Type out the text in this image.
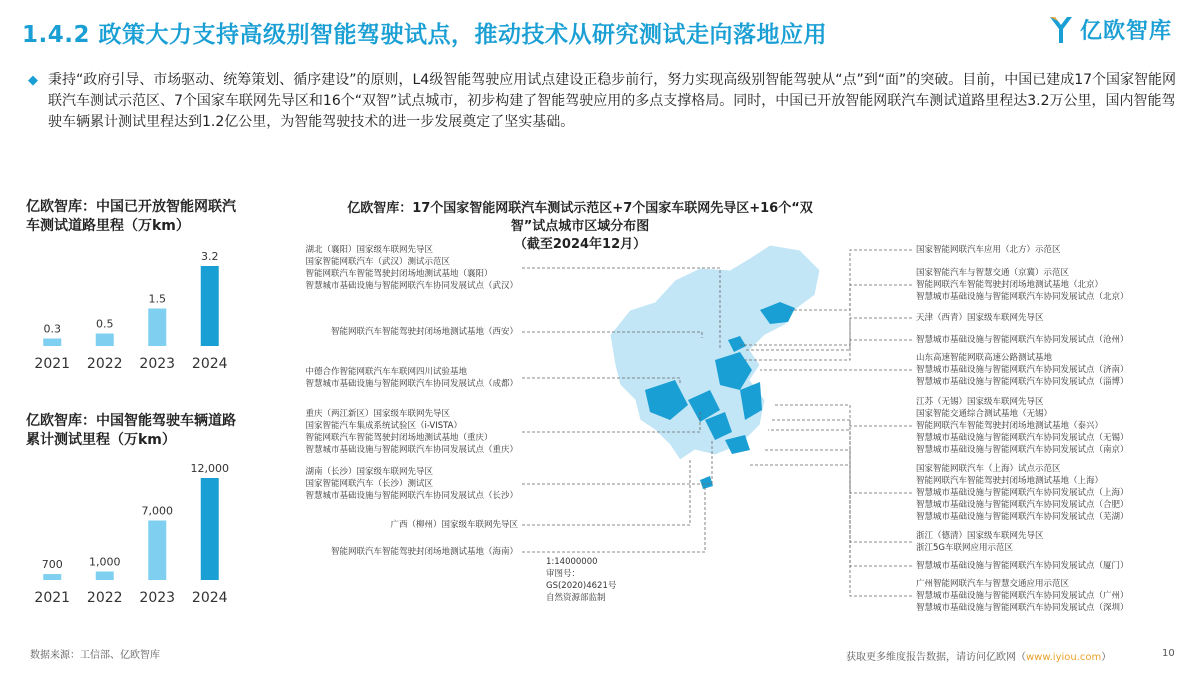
1.4.2 政策大力支持高级别智能驾驶试点，推动技术从研究测试走向落地应用	亿欧智库
◆ 秉持“政府引导、市场驱动、统筹策划、循序建设”的原则，L4级智能驾驶应用试点建设正稳步前行，努力实现高级别智能驾驶从“点”到“面”的突破。目前，中国已建成17个国家智能网联汽车测试示范区、7个国家车联网先导区和16个“双智”试点城市，初步构建了智能驾驶应用的多点支撑格局。同时，中国已开放智能网联汽车测试道路里程达3.2万公里，国内智能驾驶车辆累计测试里程达到1.2亿公里，为智能驾驶技术的进一步发展奠定了坚实基础。
亿欧智库：中国已开放智能网联汽车测试道路里程（万km）
0.3
2021
0.5
2022
1.5
2023
3.2
2024
亿欧智库：中国智能驾驶车辆道路累计测试里程（万km）
700
2021
1,000
2022
7,000
2023
12,000
2024
亿欧智库：17个国家智能网联汽车测试示范区+7个国家车联网先导区+16个“双智”试点城市区域分布图
（截至2024年12月）
湖北（襄阳）国家级车联网先导区
国家智能网联汽车（武汉）测试示范区
智能网联汽车智能驾驶封闭场地测试基地（襄阳）
智慧城市基础设施与智能网联汽车协同发展试点（武汉）
智能网联汽车智能驾驶封闭场地测试基地（西安）
中德合作智能网联汽车车联网四川试验基地
智慧城市基础设施与智能网联汽车协同发展试点（成都）
重庆（两江新区）国家级车联网先导区
国家智能汽车集成系统试验区（i-VISTA）
智能网联汽车智能驾驶封闭场地测试基地（重庆）
智慧城市基础设施与智能网联汽车协同发展试点（重庆）
湖南（长沙）国家级车联网先导区
国家智能网联汽车（长沙）测试区
智慧城市基础设施与智能网联汽车协同发展试点（长沙）
广西（柳州）国家级车联网先导区
智能网联汽车智能驾驶封闭场地测试基地（海南）
国家智能网联汽车应用（北方）示范区
国家智能汽车与智慧交通（京冀）示范区
智能网联汽车智能驾驶封闭场地测试基地（北京）
智慧城市基础设施与智能网联汽车协同发展试点（北京）
天津（西青）国家级车联网先导区
智慧城市基础设施与智能网联汽车协同发展试点（沧州）
山东高速智能网联高速公路测试基地
智慧城市基础设施与智能网联汽车协同发展试点（济南）
智慧城市基础设施与智能网联汽车协同发展试点（淄博）
江苏（无锡）国家级车联网先导区
国家智能交通综合测试基地（无锡）
智能网联汽车智能驾驶封闭场地测试基地（泰兴）
智慧城市基础设施与智能网联汽车协同发展试点（无锡）
智慧城市基础设施与智能网联汽车协同发展试点（南京）
国家智能网联汽车（上海）试点示范区
智能网联汽车智能驾驶封闭场地测试基地（上海）
智慧城市基础设施与智能网联汽车协同发展试点（上海）
智慧城市基础设施与智能网联汽车协同发展试点（合肥）
智慧城市基础设施与智能网联汽车协同发展试点（芜湖）
浙江（德清）国家级车联网先导区
浙江5G车联网应用示范区
智慧城市基础设施与智能网联汽车协同发展试点（厦门）
广州智能网联汽车与智慧交通应用示范区
智慧城市基础设施与智能网联汽车协同发展试点（广州）
智慧城市基础设施与智能网联汽车协同发展试点（深圳）
1:14000000
审图号：
GS(2020)4621号
自然资源部监制
数据来源：工信部、亿欧智库	获取更多维度报告数据，请访问亿欧网（www.iyiou.com）	10
